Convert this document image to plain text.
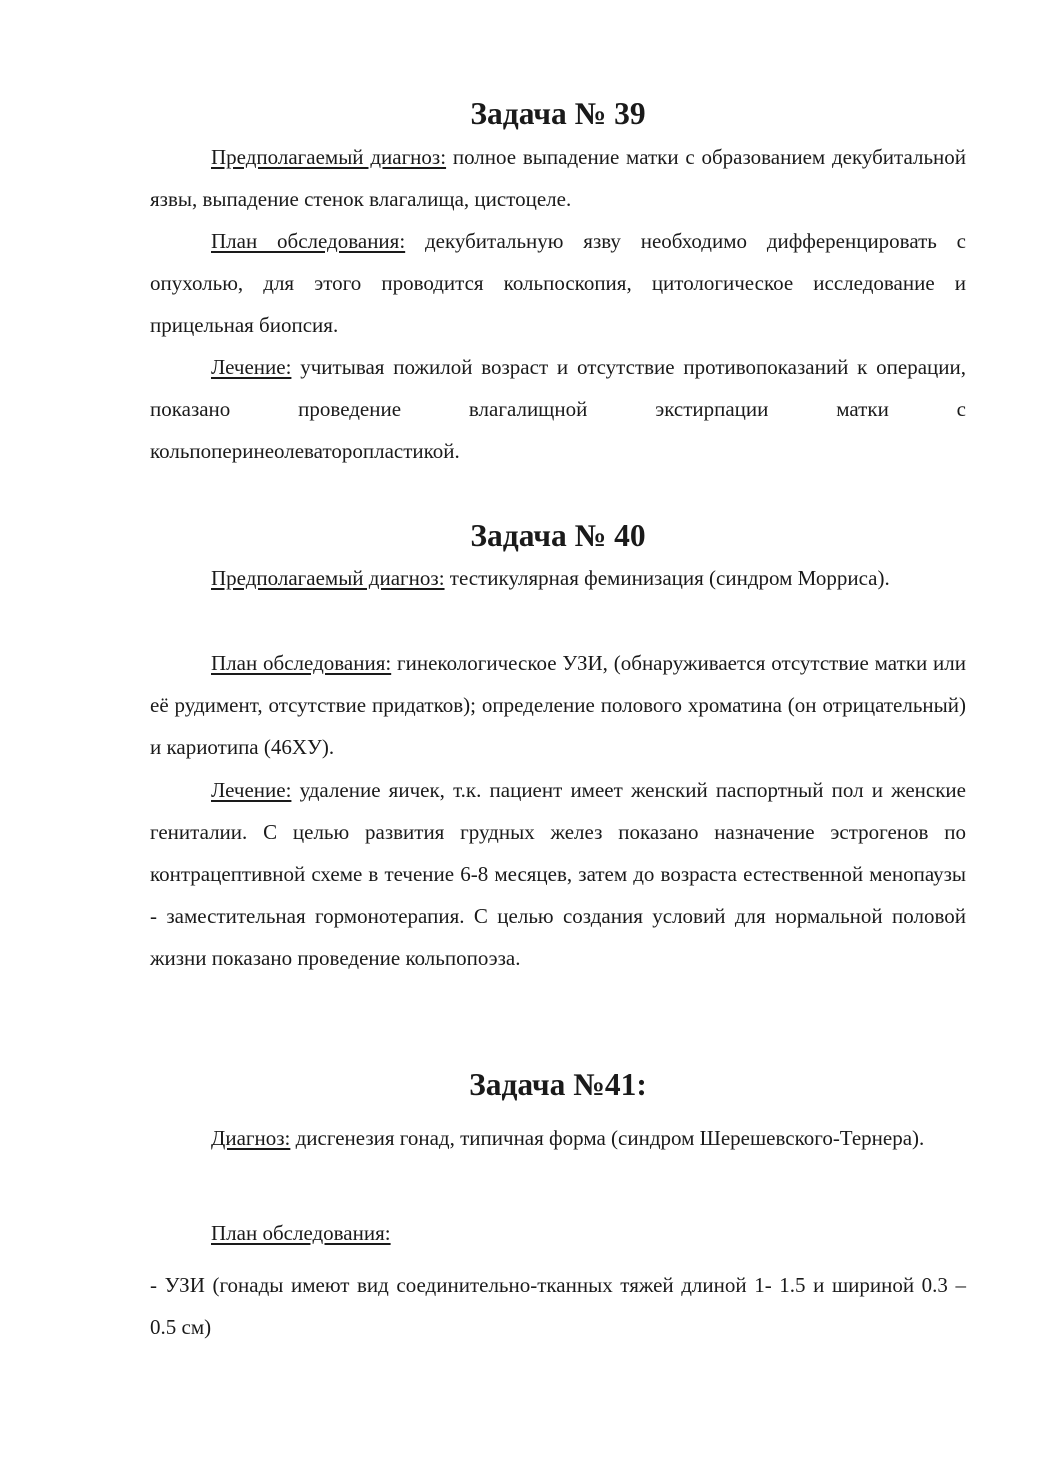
Задача № 39

Предполагаемый диагноз: полное выпадение матки с образованием декубитальной язвы, выпадение стенок влагалища, цистоцеле.

План обследования: декубитальную язву необходимо дифференцировать с опухолью, для этого проводится кольпоскопия, цитологическое исследование и прицельная биопсия.

Лечение: учитывая пожилой возраст и отсутствие противопоказаний к операции, показано проведение влагалищной экстирпации матки с кольпоперинеолеваторопластикой.

Задача № 40

Предполагаемый диагноз: тестикулярная феминизация (синдром Морриса).

План обследования: гинекологическое УЗИ, (обнаруживается отсутствие матки или её рудимент, отсутствие придатков); определение полового хроматина (он отрицательный) и кариотипа (46ХУ).

Лечение: удаление яичек, т.к. пациент имеет женский паспортный пол и женские гениталии. С целью развития грудных желез показано назначение эстрогенов по контрацептивной схеме в течение 6-8 месяцев, затем до возраста естественной менопаузы - заместительная гормонотерапия. С целью создания условий для нормальной половой жизни показано проведение кольпопоэза.

Задача №41:

Диагноз: дисгенезия гонад, типичная форма (синдром Шерешевского-Тернера).

План обследования:

- УЗИ (гонады имеют вид соединительно-тканных тяжей длиной 1- 1.5 и шириной 0.3 – 0.5 см)
